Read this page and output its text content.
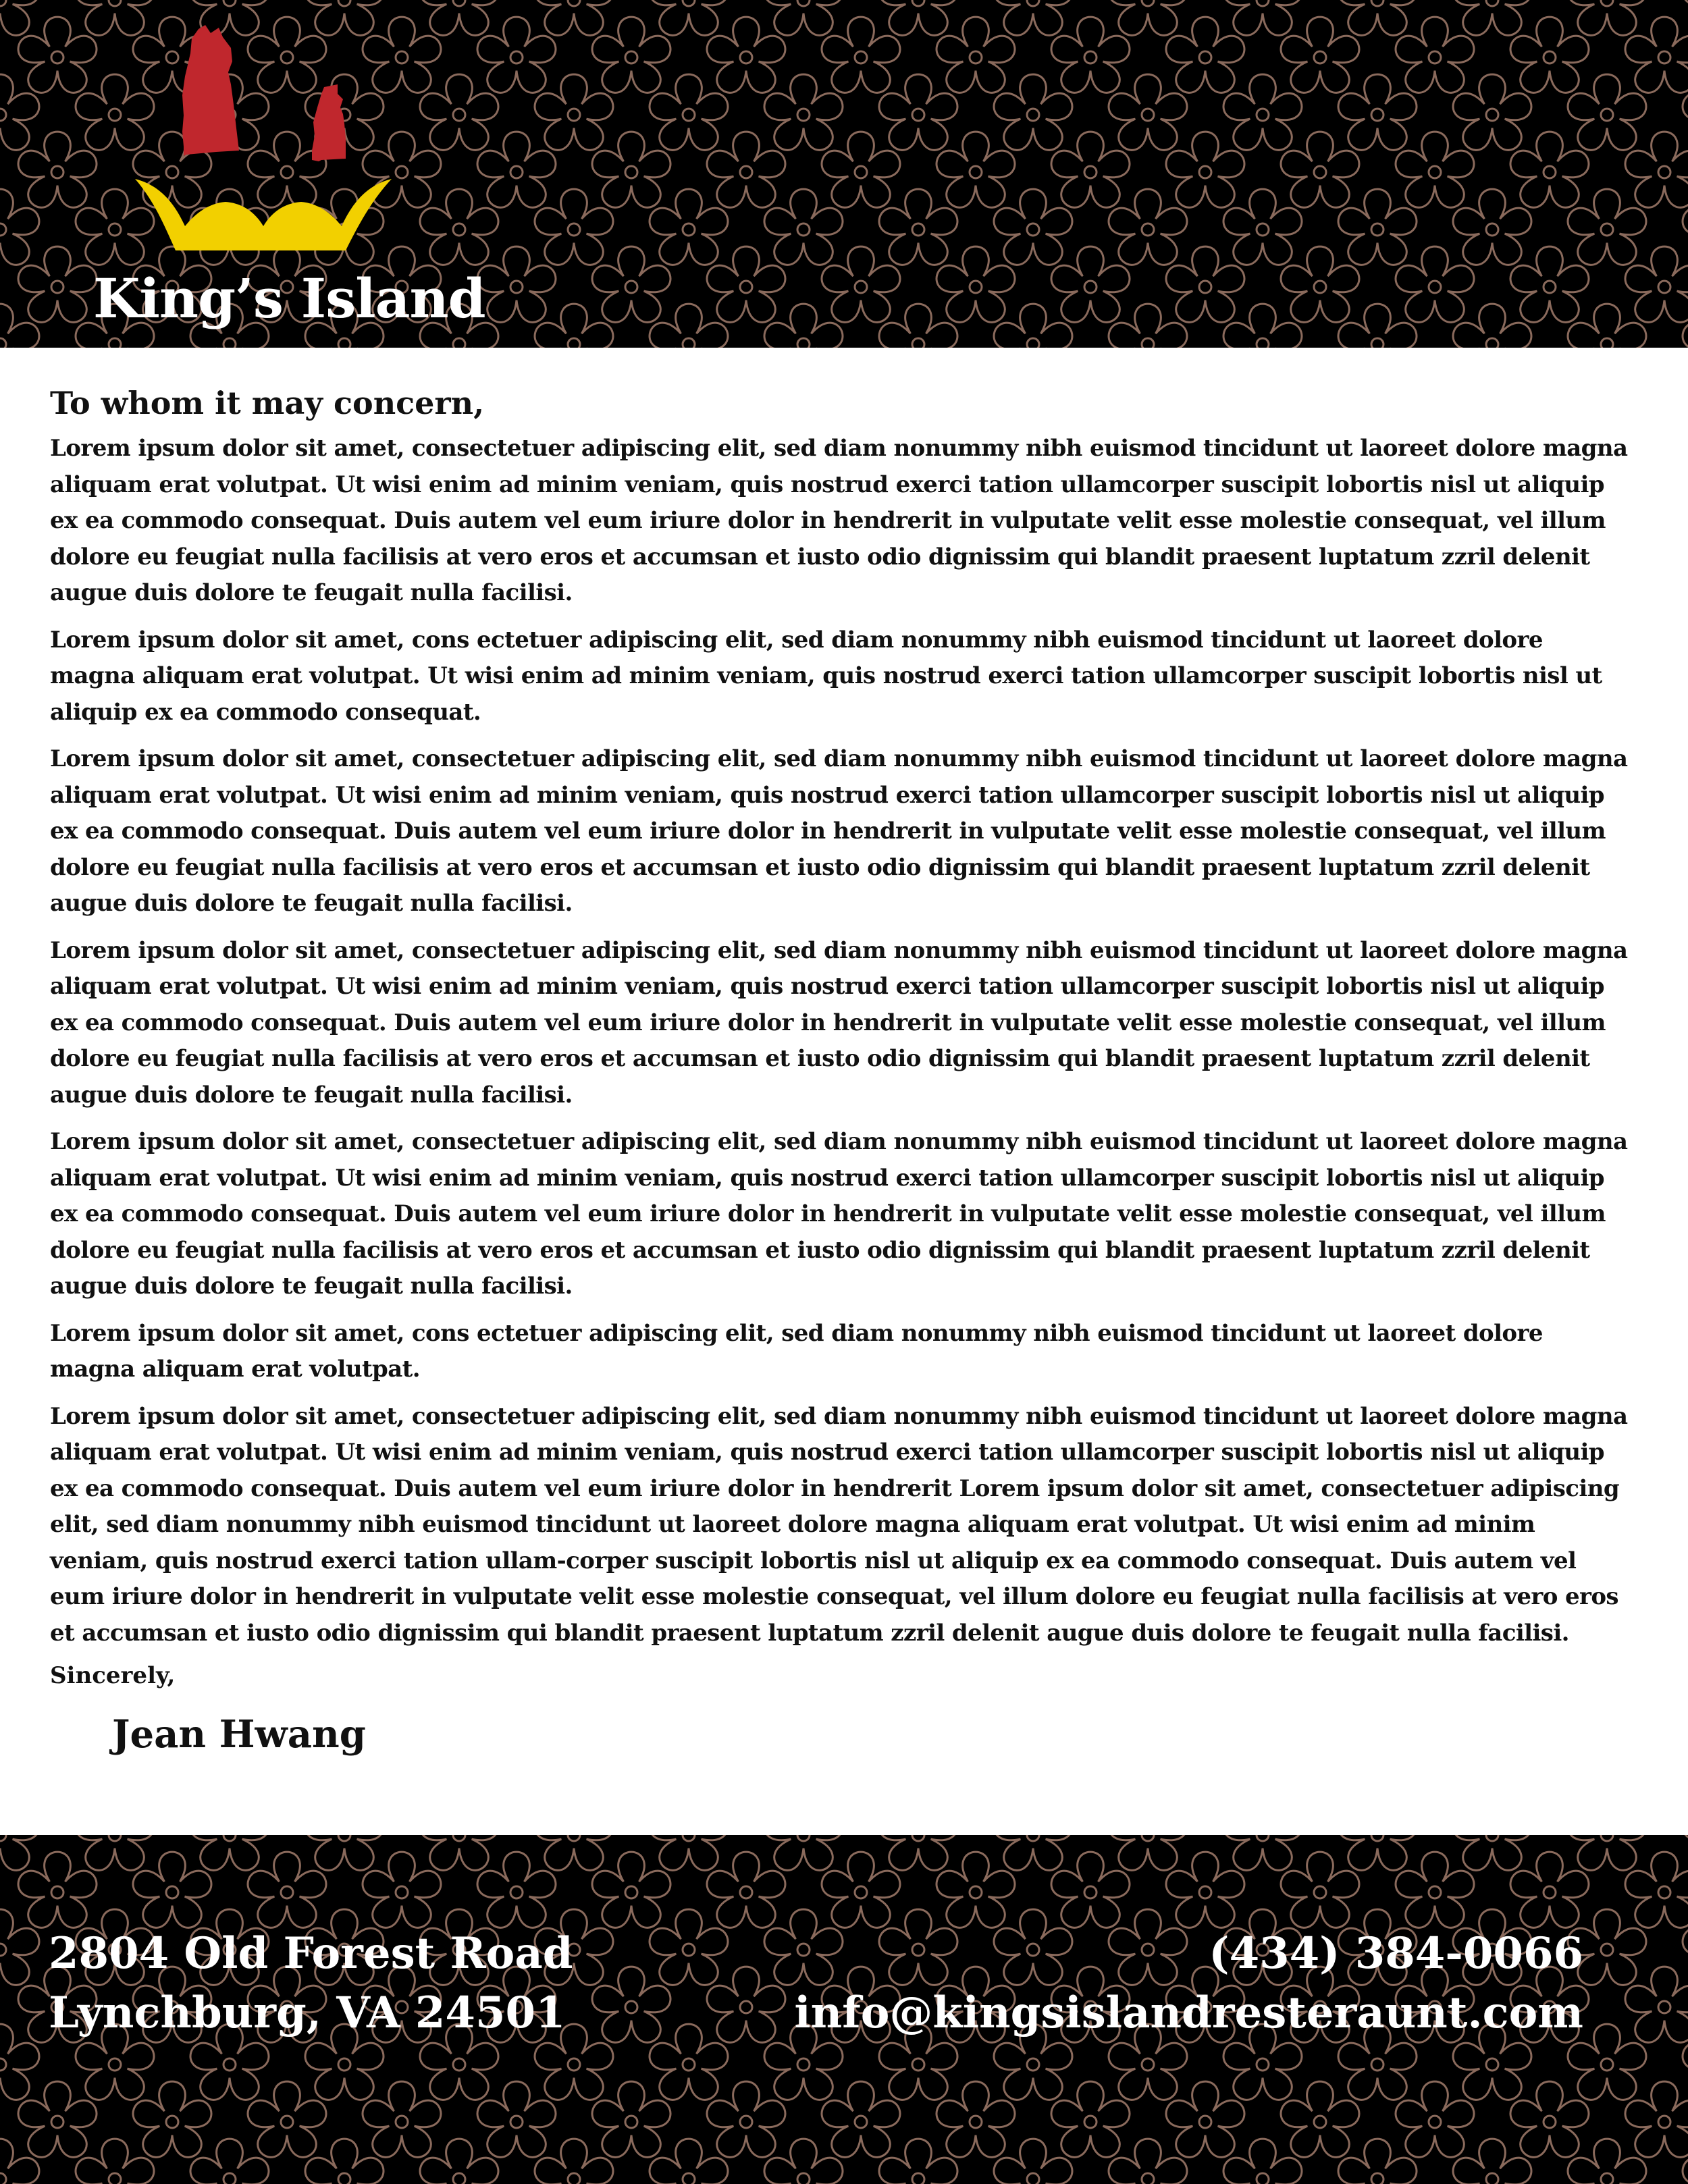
King’s Island
To whom it may concern,

Lorem ipsum dolor sit amet, consectetuer adipiscing elit, sed diam nonummy nibh euismod tincidunt ut laoreet dolore magna aliquam erat volutpat. Ut wisi enim ad minim veniam, quis nostrud exerci tation ullamcorper suscipit lobortis nisl ut aliquip ex ea commodo consequat. Duis autem vel eum iriure dolor in hendrerit in vulputate velit esse molestie consequat, vel illum dolore eu feugiat nulla facilisis at vero eros et accumsan et iusto odio dignissim qui blandit praesent luptatum zzril delenit augue duis dolore te feugait nulla facilisi.

Lorem ipsum dolor sit amet, cons ectetuer adipiscing elit, sed diam nonummy nibh euismod tincidunt ut laoreet dolore magna aliquam erat volutpat. Ut wisi enim ad minim veniam, quis nostrud exerci tation ullamcorper suscipit lobortis nisl ut aliquip ex ea commodo consequat.

Lorem ipsum dolor sit amet, consectetuer adipiscing elit, sed diam nonummy nibh euismod tincidunt ut laoreet dolore magna aliquam erat volutpat. Ut wisi enim ad minim veniam, quis nostrud exerci tation ullamcorper suscipit lobortis nisl ut aliquip ex ea commodo consequat. Duis autem vel eum iriure dolor in hendrerit in vulputate velit esse molestie consequat, vel illum dolore eu feugiat nulla facilisis at vero eros et accumsan et iusto odio dignissim qui blandit praesent luptatum zzril delenit augue duis dolore te feugait nulla facilisi.

Lorem ipsum dolor sit amet, consectetuer adipiscing elit, sed diam nonummy nibh euismod tincidunt ut laoreet dolore magna aliquam erat volutpat. Ut wisi enim ad minim veniam, quis nostrud exerci tation ullamcorper suscipit lobortis nisl ut aliquip ex ea commodo consequat. Duis autem vel eum iriure dolor in hendrerit in vulputate velit esse molestie consequat, vel illum dolore eu feugiat nulla facilisis at vero eros et accumsan et iusto odio dignissim qui blandit praesent luptatum zzril delenit augue duis dolore te feugait nulla facilisi.

Lorem ipsum dolor sit amet, consectetuer adipiscing elit, sed diam nonummy nibh euismod tincidunt ut laoreet dolore magna aliquam erat volutpat. Ut wisi enim ad minim veniam, quis nostrud exerci tation ullamcorper suscipit lobortis nisl ut aliquip ex ea commodo consequat. Duis autem vel eum iriure dolor in hendrerit in vulputate velit esse molestie consequat, vel illum dolore eu feugiat nulla facilisis at vero eros et accumsan et iusto odio dignissim qui blandit praesent luptatum zzril delenit augue duis dolore te feugait nulla facilisi.

Lorem ipsum dolor sit amet, cons ectetuer adipiscing elit, sed diam nonummy nibh euismod tincidunt ut laoreet dolore magna aliquam erat volutpat.

Lorem ipsum dolor sit amet, consectetuer adipiscing elit, sed diam nonummy nibh euismod tincidunt ut laoreet dolore magna aliquam erat volutpat. Ut wisi enim ad minim veniam, quis nostrud exerci tation ullamcorper suscipit lobortis nisl ut aliquip ex ea commodo consequat. Duis autem vel eum iriure dolor in hendrerit Lorem ipsum dolor sit amet, consectetuer adipiscing elit, sed diam nonummy nibh euismod tincidunt ut laoreet dolore magna aliquam erat volutpat. Ut wisi enim ad minim veniam, quis nostrud exerci tation ullam-corper suscipit lobortis nisl ut aliquip ex ea commodo consequat. Duis autem vel eum iriure dolor in hendrerit in vulputate velit esse molestie consequat, vel illum dolore eu feugiat nulla facilisis at vero eros et accumsan et iusto odio dignissim qui blandit praesent luptatum zzril delenit augue duis dolore te feugait nulla facilisi.

Sincerely,
Jean Hwang
2804 Old Forest Road
Lynchburg, VA 24501
(434) 384-0066
info@kingsislandresteraunt.com
